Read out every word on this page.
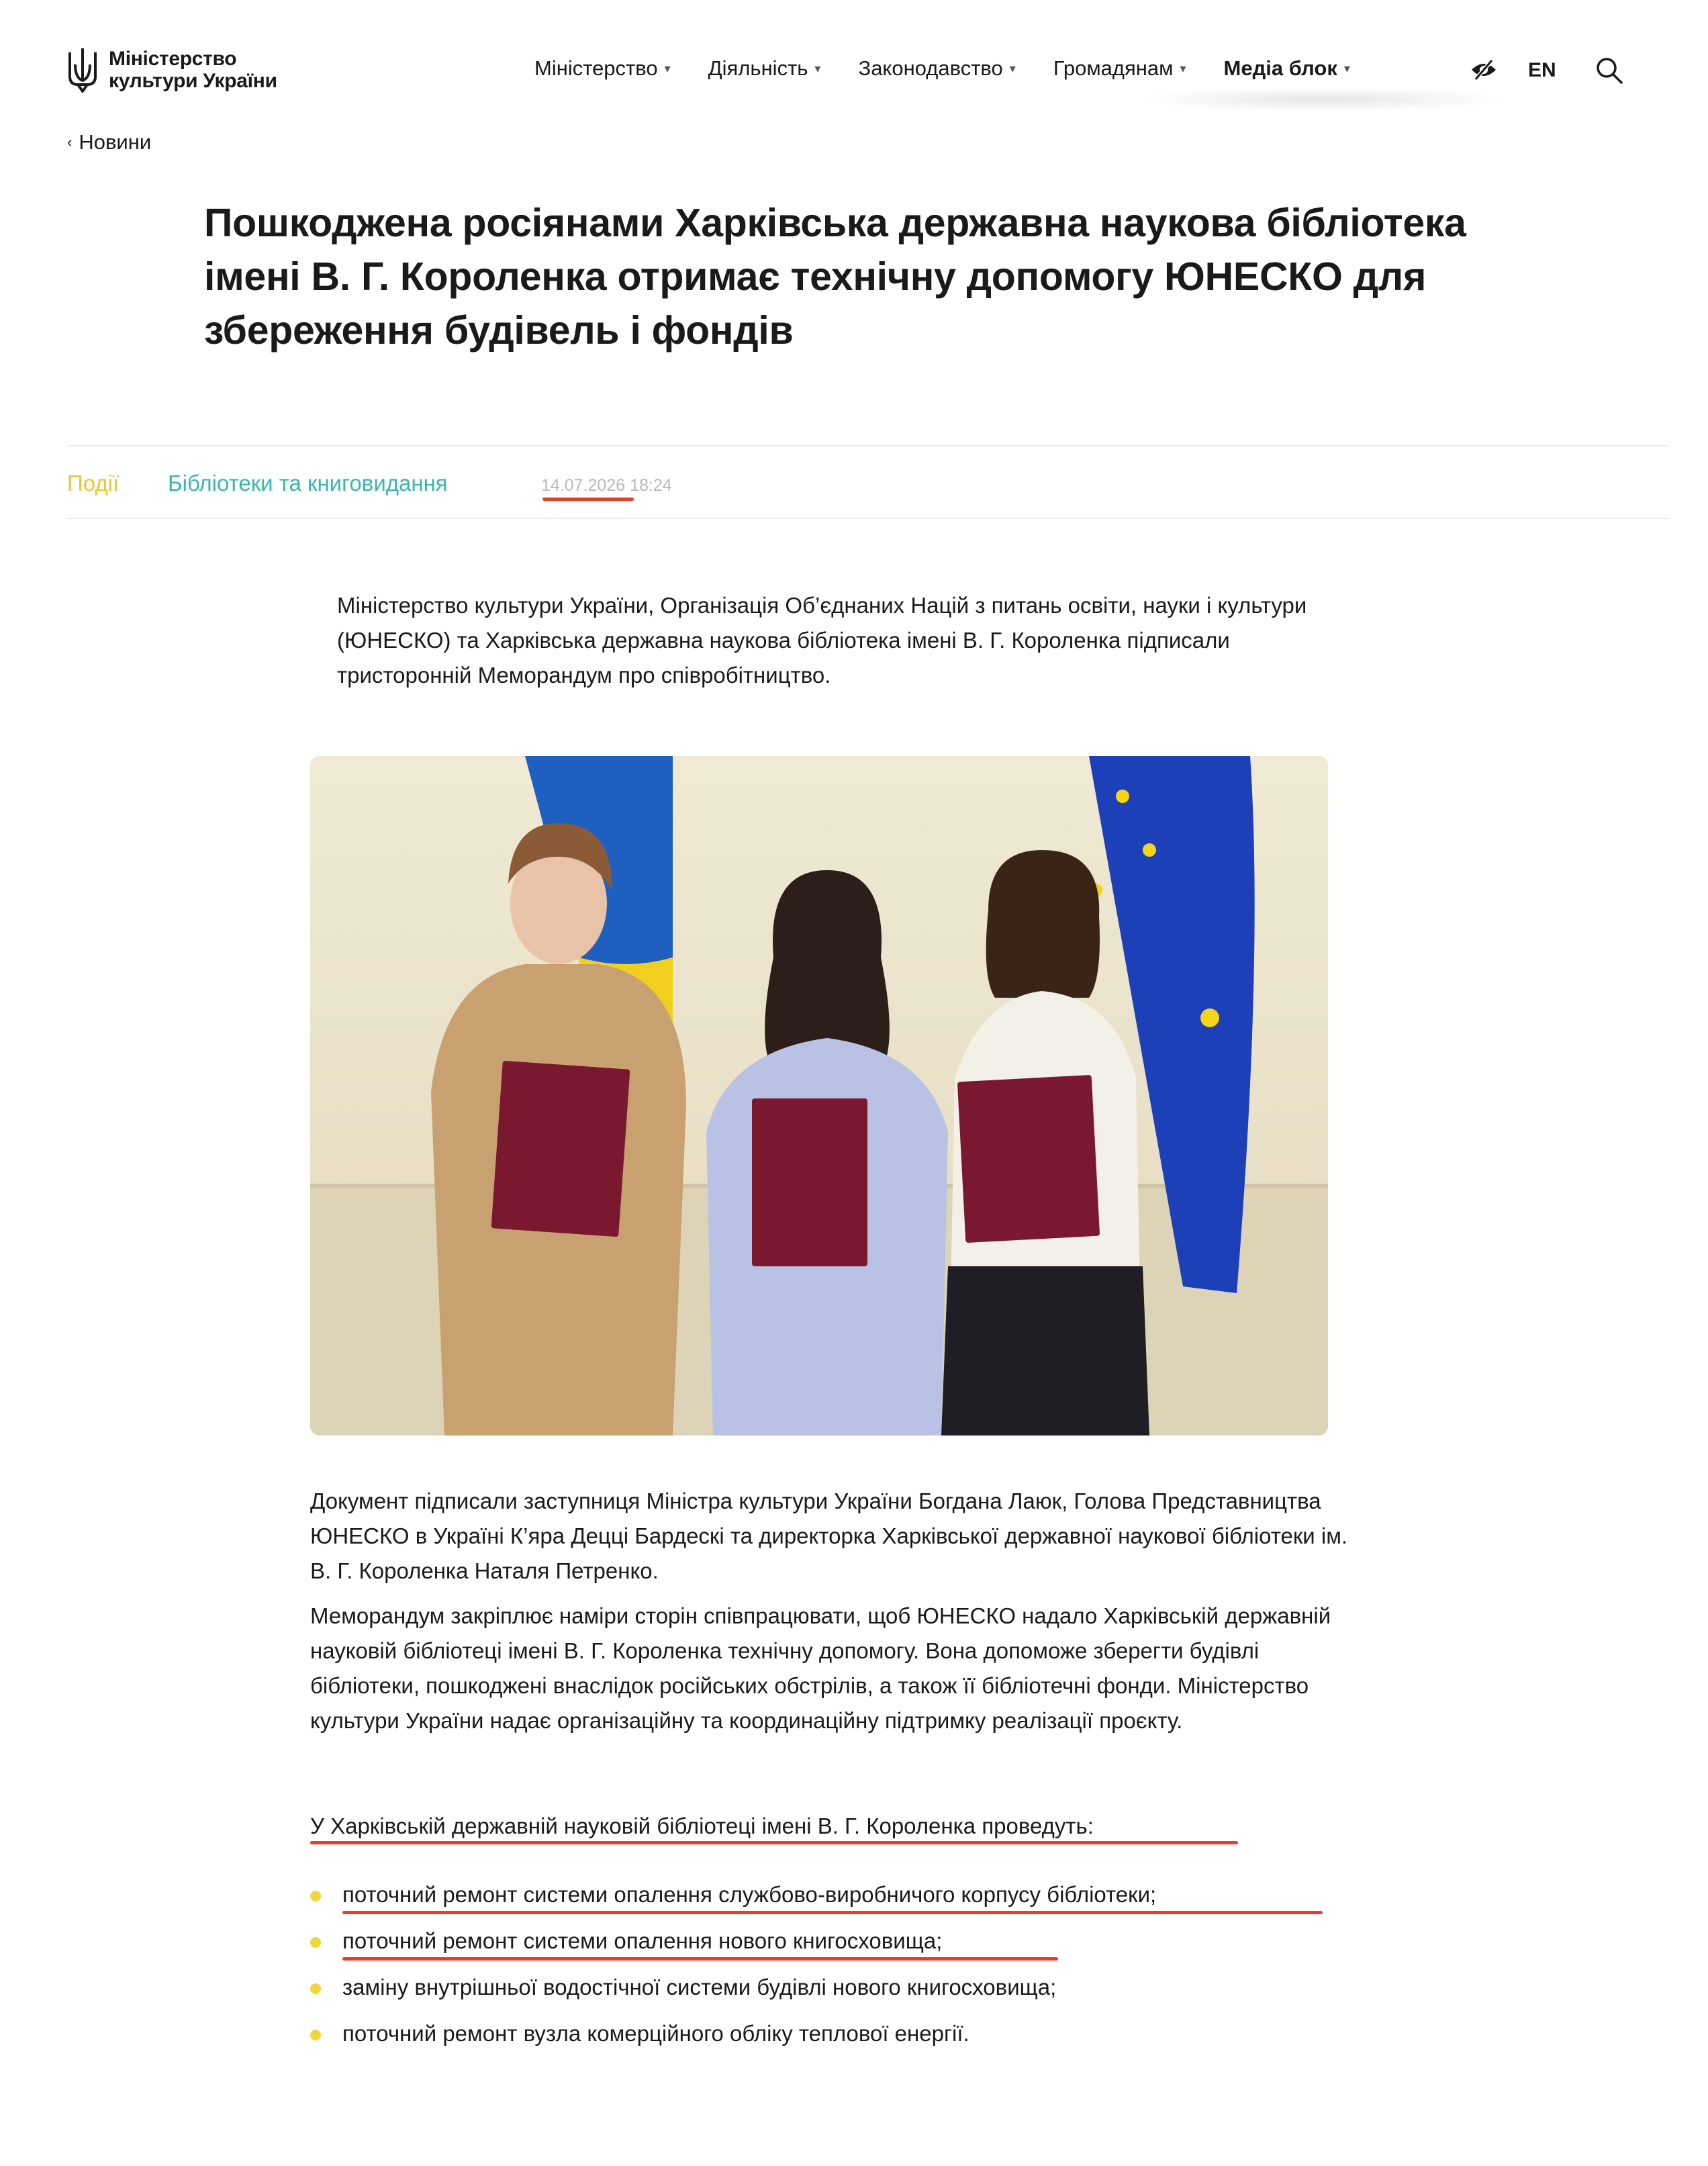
Міністерство
культури України
Міністерство ▾ Діяльність ▾ Законодавство ▾ Громадянам ▾ Медіа блок ▾	EN
‹ Новини
Пошкоджена росіянами Харківська державна наукова бібліотека імені В. Г. Короленка отримає технічну допомогу ЮНЕСКО для збереження будівель і фондів
Події Бібліотеки та книговидання	14.07.2026 18:24

Міністерство культури України, Організація Об’єднаних Націй з питань освіти, науки і культури (ЮНЕСКО) та Харківська державна наукова бібліотека імені В. Г. Короленка підписали тристоронній Меморандум про співробітництво.

Документ підписали заступниця Міністра культури України Богдана Лаюк, Голова Представництва ЮНЕСКО в Україні К’яра Децці Бардескі та директорка Харківської державної наукової бібліотеки ім. В. Г. Короленка Наталя Петренко.

Меморандум закріплює наміри сторін співпрацювати, щоб ЮНЕСКО надало Харківській державній науковій бібліотеці імені В. Г. Короленка технічну допомогу. Вона допоможе зберегти будівлі бібліотеки, пошкоджені внаслідок російських обстрілів, а також її бібліотечні фонди. Міністерство культури України надає організаційну та координаційну підтримку реалізації проєкту.

У Харківській державній науковій бібліотеці імені В. Г. Короленка проведуть:

поточний ремонт системи опалення службово-виробничого корпусу бібліотеки;
поточний ремонт системи опалення нового книгосховища;
заміну внутрішньої водостічної системи будівлі нового книгосховища;
поточний ремонт вузла комерційного обліку теплової енергії.
